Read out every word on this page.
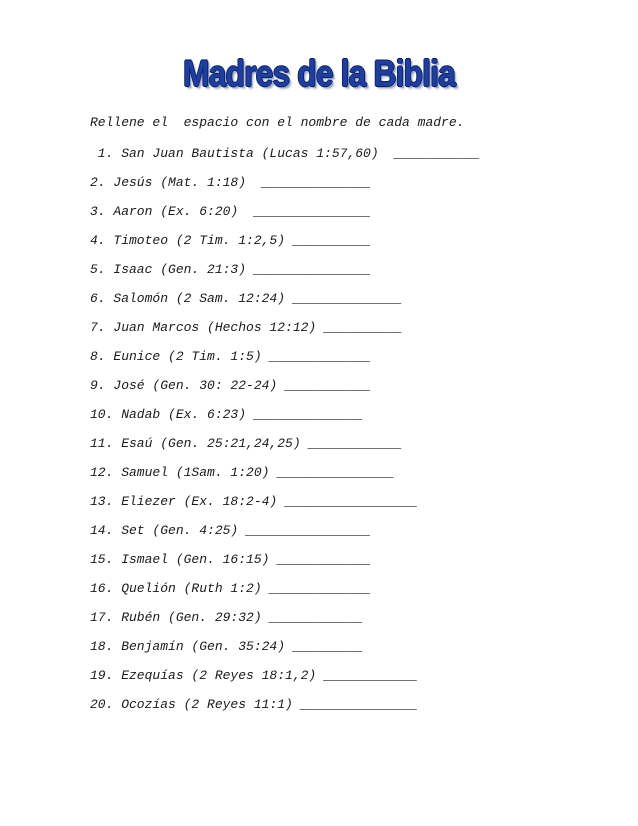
Madres de la Biblia
Rellene el  espacio con el nombre de cada madre.
1. San Juan Bautista (Lucas 1:57,60)  ___________
2. Jesús (Mat. 1:18)  ______________
3. Aaron (Ex. 6:20)  _______________
4. Timoteo (2 Tim. 1:2,5) __________
5. Isaac (Gen. 21:3) _______________
6. Salomón (2 Sam. 12:24) ______________
7. Juan Marcos (Hechos 12:12) __________
8. Eunice (2 Tim. 1:5) _____________
9. José (Gen. 30: 22-24) ___________
10. Nadab (Ex. 6:23) ______________
11. Esaú (Gen. 25:21,24,25) ____________
12. Samuel (1Sam. 1:20) _______________
13. Eliezer (Ex. 18:2-4) _________________
14. Set (Gen. 4:25) ________________
15. Ismael (Gen. 16:15) ____________
16. Quelión (Ruth 1:2) _____________
17. Rubén (Gen. 29:32) ____________
18. Benjamín (Gen. 35:24) _________
19. Ezequías (2 Reyes 18:1,2) ____________
20. Ocozías (2 Reyes 11:1) _______________
